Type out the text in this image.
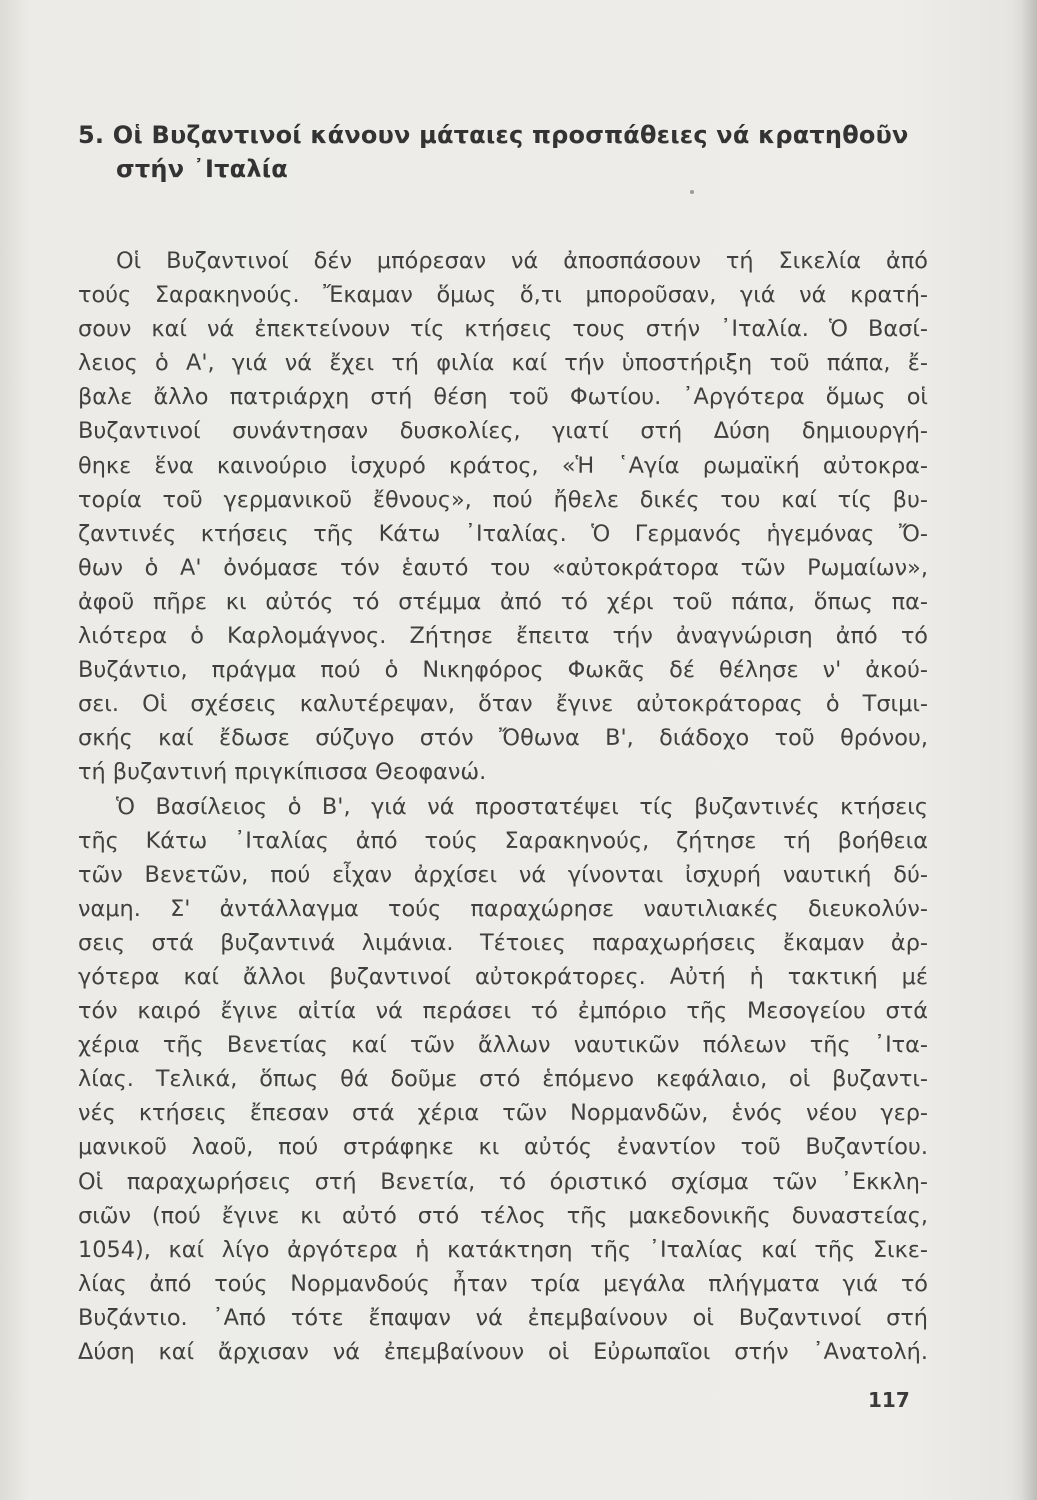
5. Οἱ Βυζαντινοί κάνουν μάταιες προσπάθειες νά κρατηθοῦν
στήν ᾿Ιταλία
Οἱ Βυζαντινοί δέν μπόρεσαν νά ἀποσπάσουν τή Σικελία ἀπό
τούς Σαρακηνούς. Ἔκαμαν ὅμως ὅ,τι μποροῦσαν, γιά νά κρατή-
σουν καί νά ἐπεκτείνουν τίς κτήσεις τους στήν ᾿Ιταλία. Ὁ Βασί-
λειος ὁ Α', γιά νά ἔχει τή φιλία καί τήν ὑποστήριξη τοῦ πάπα, ἔ-
βαλε ἄλλο πατριάρχη στή θέση τοῦ Φωτίου. ᾿Αργότερα ὅμως οἱ
Βυζαντινοί συνάντησαν δυσκολίες, γιατί στή Δύση δημιουργή-
θηκε ἕνα καινούριο ἰσχυρό κράτος, «Ἡ ῾Αγία ρωμαϊκή αὐτοκρα-
τορία τοῦ γερμανικοῦ ἔθνους», πού ἤθελε δικές του καί τίς βυ-
ζαντινές κτήσεις τῆς Κάτω ᾿Ιταλίας. Ὁ Γερμανός ἡγεμόνας Ὄ-
θων ὁ Α' ὀνόμασε τόν ἑαυτό του «αὐτοκράτορα τῶν Ρωμαίων»,
ἀφοῦ πῆρε κι αὐτός τό στέμμα ἀπό τό χέρι τοῦ πάπα, ὅπως πα-
λιότερα ὁ Καρλομάγνος. Ζήτησε ἔπειτα τήν ἀναγνώριση ἀπό τό
Βυζάντιο, πράγμα πού ὁ Νικηφόρος Φωκᾶς δέ θέλησε ν' ἀκού-
σει. Οἱ σχέσεις καλυτέρεψαν, ὅταν ἔγινε αὐτοκράτορας ὁ Τσιμι-
σκής καί ἔδωσε σύζυγο στόν Ὄθωνα Β', διάδοχο τοῦ θρόνου,
τή βυζαντινή πριγκίπισσα Θεοφανώ.
Ὁ Βασίλειος ὁ Β', γιά νά προστατέψει τίς βυζαντινές κτήσεις
τῆς Κάτω ᾿Ιταλίας ἀπό τούς Σαρακηνούς, ζήτησε τή βοήθεια
τῶν Βενετῶν, πού εἶχαν ἀρχίσει νά γίνονται ἰσχυρή ναυτική δύ-
ναμη. Σ' ἀντάλλαγμα τούς παραχώρησε ναυτιλιακές διευκολύν-
σεις στά βυζαντινά λιμάνια. Τέτοιες παραχωρήσεις ἔκαμαν ἀρ-
γότερα καί ἄλλοι βυζαντινοί αὐτοκράτορες. Αὐτή ἡ τακτική μέ
τόν καιρό ἔγινε αἰτία νά περάσει τό ἐμπόριο τῆς Μεσογείου στά
χέρια τῆς Βενετίας καί τῶν ἄλλων ναυτικῶν πόλεων τῆς ᾿Ιτα-
λίας. Τελικά, ὅπως θά δοῦμε στό ἑπόμενο κεφάλαιο, οἱ βυζαντι-
νές κτήσεις ἔπεσαν στά χέρια τῶν Νορμανδῶν, ἑνός νέου γερ-
μανικοῦ λαοῦ, πού στράφηκε κι αὐτός ἐναντίον τοῦ Βυζαντίου.
Οἱ παραχωρήσεις στή Βενετία, τό όριστικό σχίσμα τῶν ᾿Εκκλη-
σιῶν (πού ἔγινε κι αὐτό στό τέλος τῆς μακεδονικῆς δυναστείας,
1054), καί λίγο ἀργότερα ἡ κατάκτηση τῆς ᾿Ιταλίας καί τῆς Σικε-
λίας ἀπό τούς Νορμανδούς ἦταν τρία μεγάλα πλήγματα γιά τό
Βυζάντιο. ᾿Από τότε ἔπαψαν νά ἐπεμβαίνουν οἱ Βυζαντινοί στή
Δύση καί ἄρχισαν νά ἐπεμβαίνουν οἱ Εὐρωπαῖοι στήν ᾿Ανατολή.
117
